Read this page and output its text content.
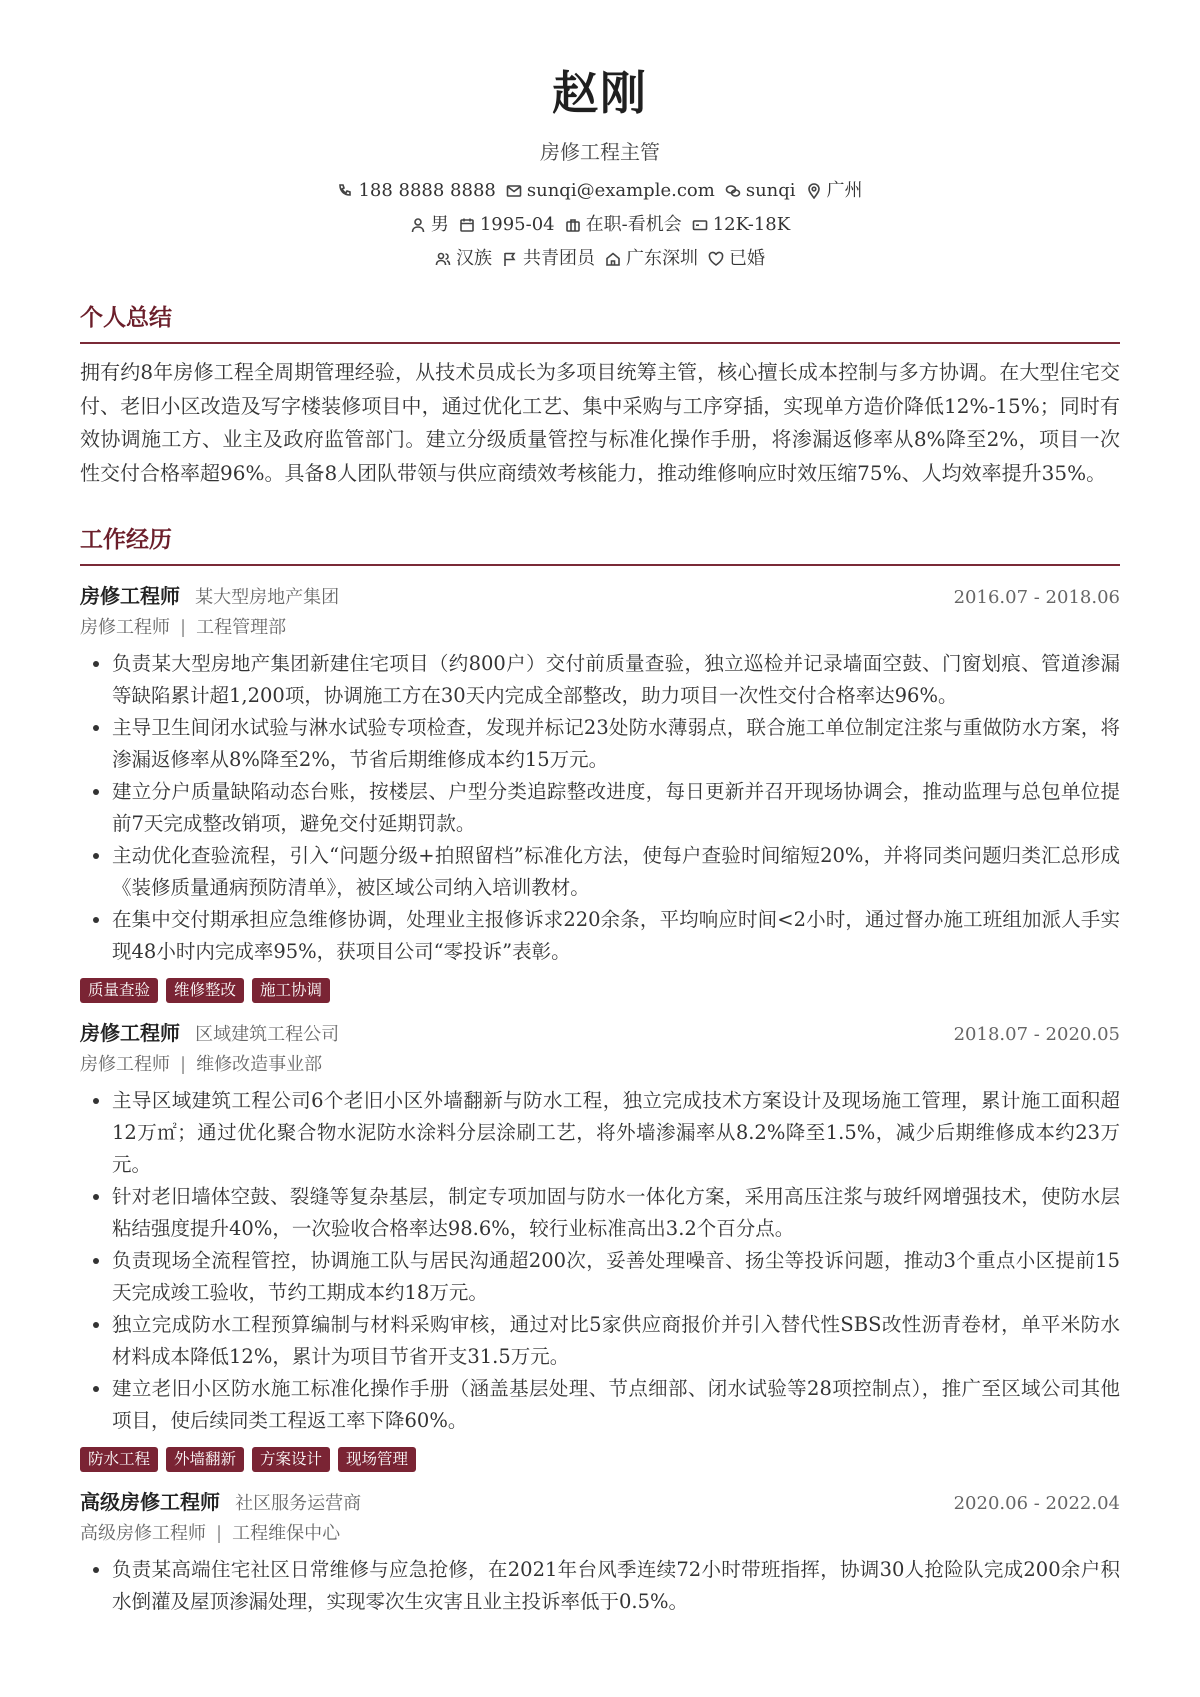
赵刚
房修工程主管
188 8888 8888 sunqi@example.com sunqi 广州
男 1995-04 在职-看机会 12K-18K
汉族 共青团员 广东深圳 已婚
个人总结
拥有约8年房修工程全周期管理经验，从技术员成长为多项目统筹主管，核心擅长成本控制与多方协调。在大型住宅交付、老旧小区改造及写字楼装修项目中，通过优化工艺、集中采购与工序穿插，实现单方造价降低12%-15%；同时有效协调施工方、业主及政府监管部门。建立分级质量管控与标准化操作手册，将渗漏返修率从8%降至2%，项目一次性交付合格率超96%。具备8人团队带领与供应商绩效考核能力，推动维修响应时效压缩75%、人均效率提升35%。
工作经历
房修工程师 某大型房地产集团	2016.07 - 2018.06
房修工程师 | 工程管理部
• 负责某大型房地产集团新建住宅项目（约800户）交付前质量查验，独立巡检并记录墙面空鼓、门窗划痕、管道渗漏等缺陷累计超1,200项，协调施工方在30天内完成全部整改，助力项目一次性交付合格率达96%。
• 主导卫生间闭水试验与淋水试验专项检查，发现并标记23处防水薄弱点，联合施工单位制定注浆与重做防水方案，将渗漏返修率从8%降至2%，节省后期维修成本约15万元。
• 建立分户质量缺陷动态台账，按楼层、户型分类追踪整改进度，每日更新并召开现场协调会，推动监理与总包单位提前7天完成整改销项，避免交付延期罚款。
• 主动优化查验流程，引入“问题分级+拍照留档”标准化方法，使每户查验时间缩短20%，并将同类问题归类汇总形成《装修质量通病预防清单》，被区域公司纳入培训教材。
• 在集中交付期承担应急维修协调，处理业主报修诉求220余条，平均响应时间<2小时，通过督办施工班组加派人手实现48小时内完成率95%，获项目公司“零投诉”表彰。
质量查验	维修整改	施工协调
房修工程师 区域建筑工程公司	2018.07 - 2020.05
房修工程师 | 维修改造事业部
• 主导区域建筑工程公司6个老旧小区外墙翻新与防水工程，独立完成技术方案设计及现场施工管理，累计施工面积超12万㎡；通过优化聚合物水泥防水涂料分层涂刷工艺，将外墙渗漏率从8.2%降至1.5%，减少后期维修成本约23万元。
• 针对老旧墙体空鼓、裂缝等复杂基层，制定专项加固与防水一体化方案，采用高压注浆与玻纤网增强技术，使防水层粘结强度提升40%，一次验收合格率达98.6%，较行业标准高出3.2个百分点。
• 负责现场全流程管控，协调施工队与居民沟通超200次，妥善处理噪音、扬尘等投诉问题，推动3个重点小区提前15天完成竣工验收，节约工期成本约18万元。
• 独立完成防水工程预算编制与材料采购审核，通过对比5家供应商报价并引入替代性SBS改性沥青卷材，单平米防水材料成本降低12%，累计为项目节省开支31.5万元。
• 建立老旧小区防水施工标准化操作手册（涵盖基层处理、节点细部、闭水试验等28项控制点），推广至区域公司其他项目，使后续同类工程返工率下降60%。
防水工程	外墙翻新	方案设计	现场管理
高级房修工程师 社区服务运营商	2020.06 - 2022.04
高级房修工程师 | 工程维保中心
• 负责某高端住宅社区日常维修与应急抢修，在2021年台风季连续72小时带班指挥，协调30人抢险队完成200余户积水倒灌及屋顶渗漏处理，实现零次生灾害且业主投诉率低于0.5%。
